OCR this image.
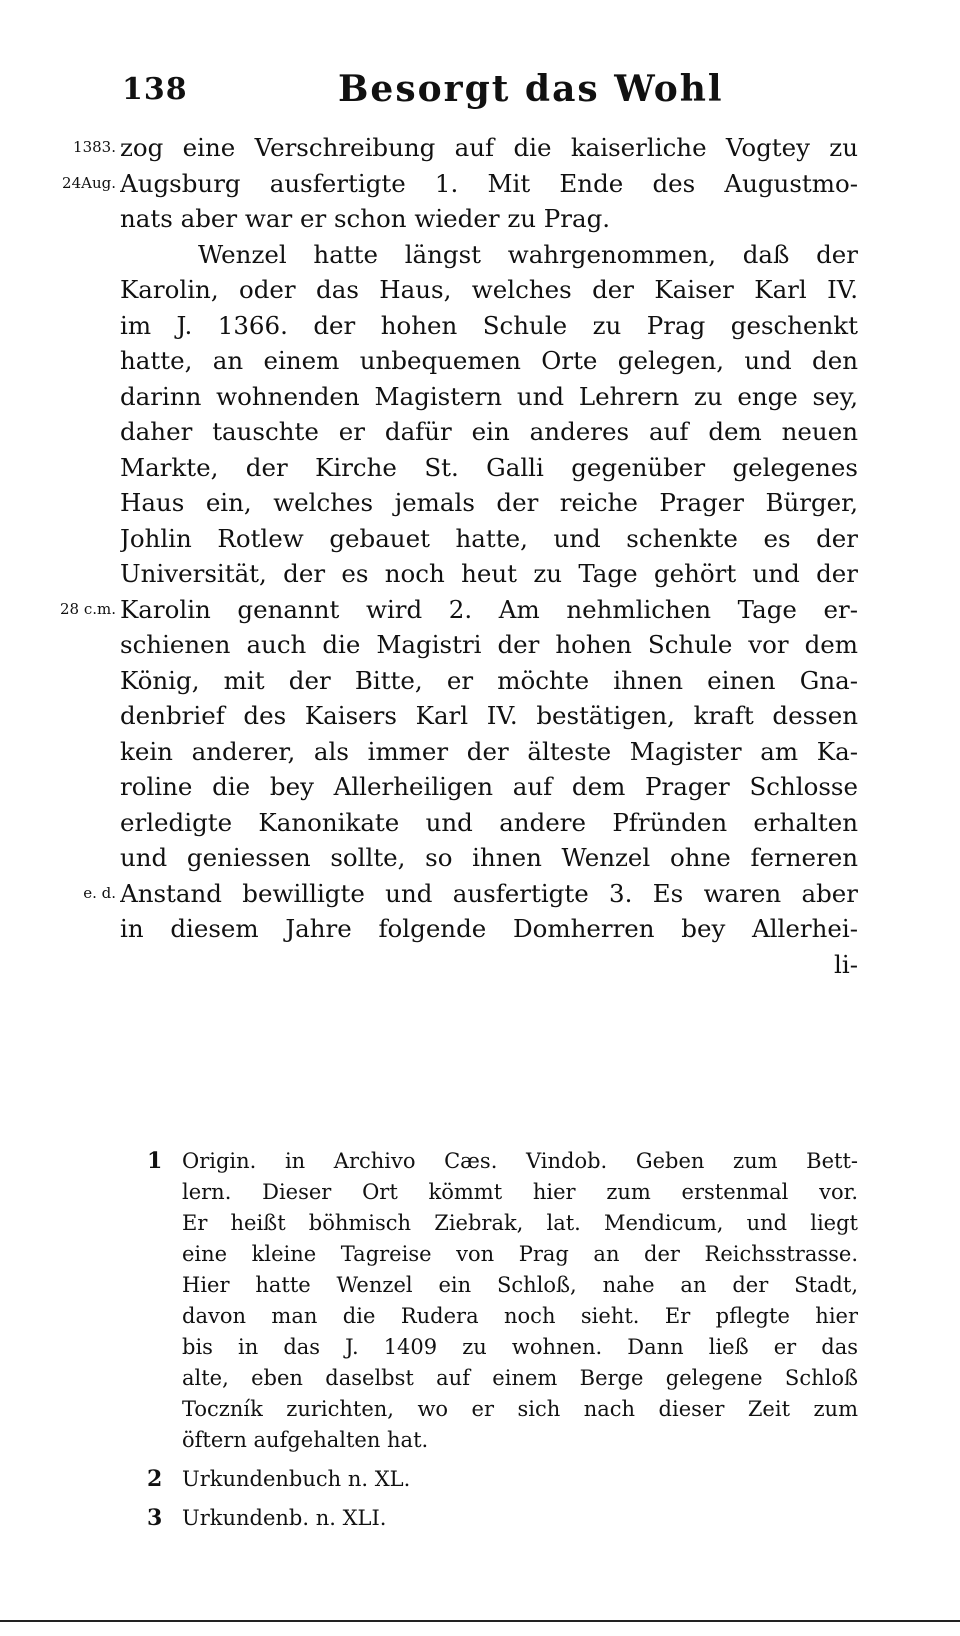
138	Besorgt das Wohl
1383. zog eine Verschreibung auf die kaiserliche Vogtey zu
24Aug. Augsburg ausfertigte 1. Mit Ende des Augustmo-
nats aber war er schon wieder zu Prag.
Wenzel hatte längst wahrgenommen, daß der
Karolin, oder das Haus, welches der Kaiser Karl IV.
im J. 1366. der hohen Schule zu Prag geschenkt
hatte, an einem unbequemen Orte gelegen, und den
darinn wohnenden Magistern und Lehrern zu enge sey,
daher tauschte er dafür ein anderes auf dem neuen
Markte, der Kirche St. Galli gegenüber gelegenes
Haus ein, welches jemals der reiche Prager Bürger,
Johlin Rotlew gebauet hatte, und schenkte es der
Universität, der es noch heut zu Tage gehört und der
28 c.m. Karolin genannt wird 2. Am nehmlichen Tage er-
schienen auch die Magistri der hohen Schule vor dem
König, mit der Bitte, er möchte ihnen einen Gna-
denbrief des Kaisers Karl IV. bestätigen, kraft dessen
kein anderer, als immer der älteste Magister am Ka-
roline die bey Allerheiligen auf dem Prager Schlosse
erledigte Kanonikate und andere Pfründen erhalten
und geniessen sollte, so ihnen Wenzel ohne ferneren
e. d. Anstand bewilligte und ausfertigte 3. Es waren aber
in diesem Jahre folgende Domherren bey Allerhei-
li-
1 Origin. in Archivo Cæs. Vindob. Geben zum Bett-
lern. Dieser Ort kömmt hier zum erstenmal vor.
Er heißt böhmisch Ziebrak, lat. Mendicum, und liegt
eine kleine Tagreise von Prag an der Reichsstrasse.
Hier hatte Wenzel ein Schloß, nahe an der Stadt,
davon man die Rudera noch sieht. Er pflegte hier
bis in das J. 1409 zu wohnen. Dann ließ er das
alte, eben daselbst auf einem Berge gelegene Schloß
Toczník zurichten, wo er sich nach dieser Zeit zum
öftern aufgehalten hat.
2 Urkundenbuch n. XL.
3 Urkundenb. n. XLI.
